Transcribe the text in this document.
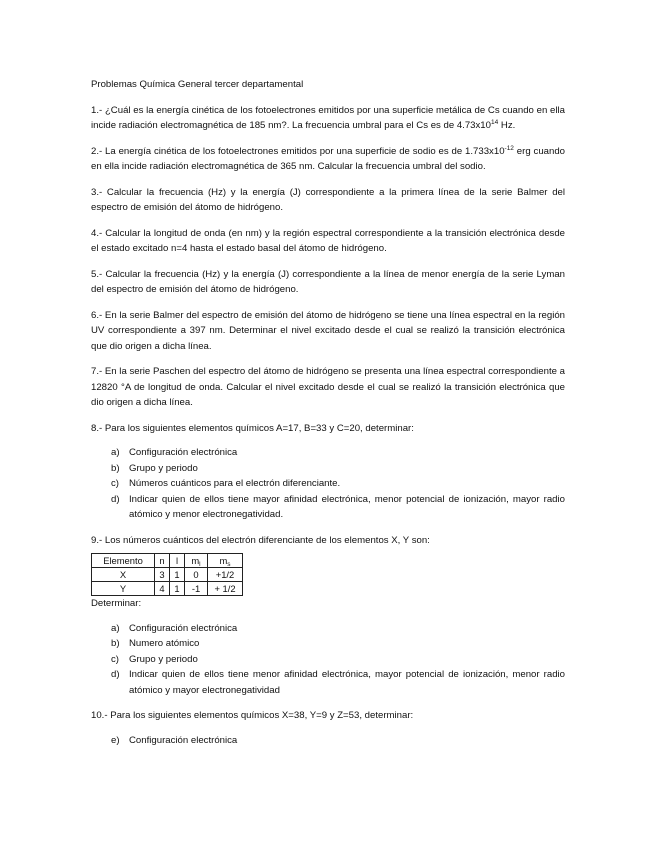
Problemas Química General tercer departamental

1.- ¿Cuál es la energía cinética de los fotoelectrones emitidos por una superficie metálica de Cs cuando en ella incide radiación electromagnética de 185 nm?. La frecuencia umbral para el Cs es de $4.73x10^{14}$ Hz.

2.- La energía cinética de los fotoelectrones emitidos por una superficie de sodio es de $1.733x10^{-12}$ erg cuando en ella incide radiación electromagnética de 365 nm. Calcular la frecuencia umbral del sodio.

3.- Calcular la frecuencia (Hz) y la energía (J) correspondiente a la primera línea de la serie Balmer del espectro de emisión del átomo de hidrógeno.

4.- Calcular la longitud de onda (en nm) y la región espectral correspondiente a la transición electrónica desde el estado excitado n=4 hasta el estado basal del átomo de hidrógeno.

5.- Calcular la frecuencia (Hz) y la energía (J) correspondiente a la línea de menor energía de la serie Lyman del espectro de emisión del átomo de hidrógeno.

6.- En la serie Balmer del espectro de emisión del átomo de hidrógeno se tiene una línea espectral en la región UV correspondiente a 397 nm. Determinar el nivel excitado desde el cual se realizó la transición electrónica que dio origen a dicha línea.

7.- En la serie Paschen del espectro del átomo de hidrógeno se presenta una línea espectral correspondiente a 12820 °A de longitud de onda. Calcular el nivel excitado desde el cual se realizó la transición electrónica que dio origen a dicha línea.

8.- Para los siguientes elementos químicos A=17, B=33 y C=20, determinar:

a) Configuración electrónica
b) Grupo y periodo
c)	Números cuánticos para el electrón diferenciante.
d) Indicar quien de ellos tiene mayor afinidad electrónica, menor potencial de ionización, mayor radio atómico y menor electronegatividad.

9.- Los números cuánticos del electrón diferenciante de los elementos X, Y son:

Elemento	n	l	$m_l$	$m_s$
X	3	1	0	+1/2
Y	4	1	-1	+ 1/2

Determinar:

a) Configuración electrónica
b) Numero atómico
c)	Grupo y periodo
d) Indicar quien de ellos tiene menor afinidad electrónica, mayor potencial de ionización, menor radio atómico y mayor electronegatividad

10.- Para los siguientes elementos químicos X=38, Y=9 y Z=53, determinar:

e) Configuración electrónica
